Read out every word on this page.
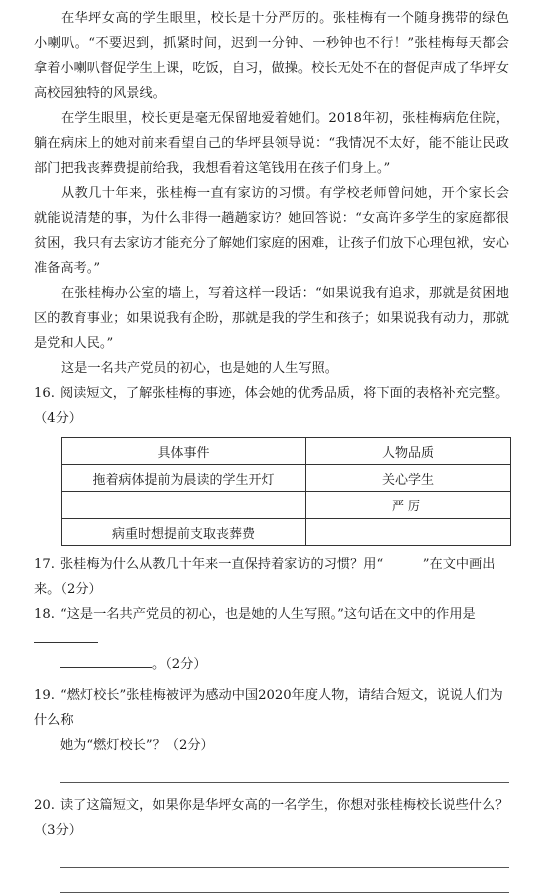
在华坪女高的学生眼里，校长是十分严厉的。张桂梅有一个随身携带的绿色小喇叭。“不要迟到，抓紧时间，迟到一分钟、一秒钟也不行！”张桂梅每天都会拿着小喇叭督促学生上课，吃饭，自习，做操。校长无处不在的督促声成了华坪女高校园独特的风景线。

在学生眼里，校长更是毫无保留地爱着她们。2018年初，张桂梅病危住院，躺在病床上的她对前来看望自己的华坪县领导说：“我情况不太好，能不能让民政部门把我丧葬费提前给我，我想看着这笔钱用在孩子们身上。”

从教几十年来，张桂梅一直有家访的习惯。有学校老师曾问她，开个家长会就能说清楚的事，为什么非得一趟趟家访？她回答说：“女高许多学生的家庭都很贫困，我只有去家访才能充分了解她们家庭的困难，让孩子们放下心理包袱，安心准备高考。”

在张桂梅办公室的墙上，写着这样一段话：“如果说我有追求，那就是贫困地区的教育事业；如果说我有企盼，那就是我的学生和孩子；如果说我有动力，那就是党和人民。”

这是一名共产党员的初心，也是她的人生写照。

16. 阅读短文，了解张桂梅的事迹，体会她的优秀品质，将下面的表格补充完整。（4分）
具体事件	人物品质
拖着病体提前为晨读的学生开灯	关心学生
	严厉
病重时想提前支取丧葬费	
17. 张桂梅为什么从教几十年来一直保持着家访的习惯？用“　　　”在文中画出来。（2分）
18. “这是一名共产党员的初心，也是她的人生写照。”这句话在文中的作用是
。（2分）
19. “燃灯校长”张桂梅被评为感动中国2020年度人物，请结合短文，说说人们为什么称
她为“燃灯校长”？（2分）
20. 读了这篇短文，如果你是华坪女高的一名学生，你想对张桂梅校长说些什么？（3分）
